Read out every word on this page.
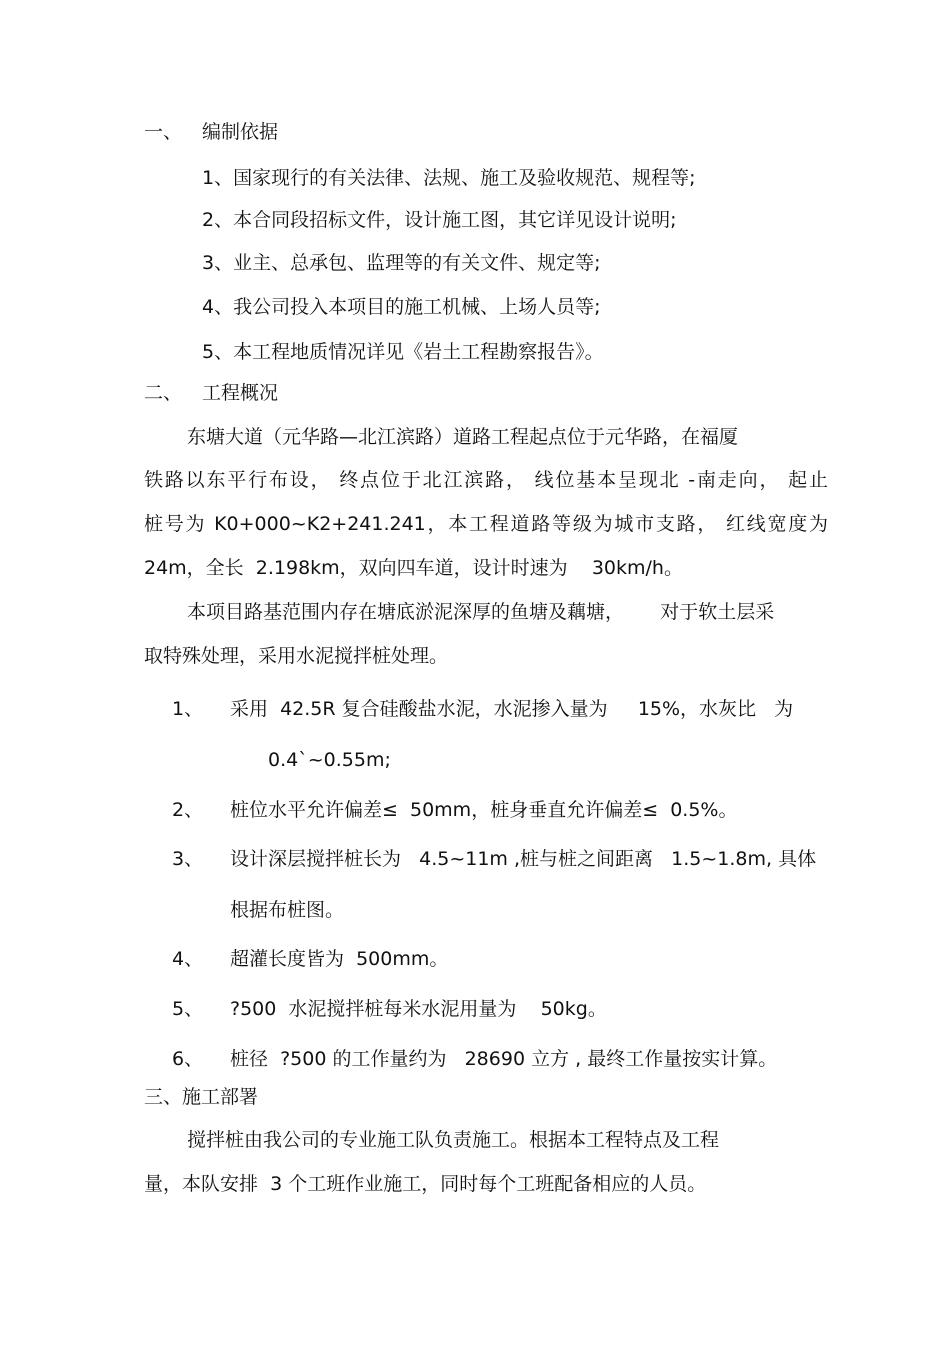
一、 编制依据
1、国家现行的有关法律、法规、施工及验收规范、规程等;
2、本合同段招标文件，设计施工图，其它详见设计说明;
3、业主、总承包、监理等的有关文件、规定等;
4、我公司投入本项目的施工机械、上场人员等;
5、本工程地质情况详见《岩土工程勘察报告》。
二、 工程概况
东塘大道（元华路—北江滨路）道路工程起点位于元华路，在福厦
铁路以东平行布设， 终点位于北江滨路， 线位基本呈现北 -南走向， 起止
桩号为 K0+000~K2+241.241，本工程道路等级为城市支路， 红线宽度为
24m，全长  2.198km，双向四车道，设计时速为    30km/h。
本项目路基范围内存在塘底淤泥深厚的鱼塘及藕塘，      对于软土层采
取特殊处理，采用水泥搅拌桩处理。
1、 采用  42.5R 复合硅酸盐水泥，水泥掺入量为     15%，水灰比   为
0.4`~0.55m;
2、 桩位水平允许偏差≤  50mm，桩身垂直允许偏差≤  0.5%。
3、 设计深层搅拌桩长为   4.5~11m ,桩与桩之间距离   1.5~1.8m, 具体
根据布桩图。
4、 超灌长度皆为  500mm。
5、 ?500  水泥搅拌桩每米水泥用量为    50kg。
6、 桩径  ?500 的工作量约为   28690 立方 , 最终工作量按实计算。
三、施工部署
搅拌桩由我公司的专业施工队负责施工。根据本工程特点及工程
量，本队安排  3 个工班作业施工，同时每个工班配备相应的人员。
